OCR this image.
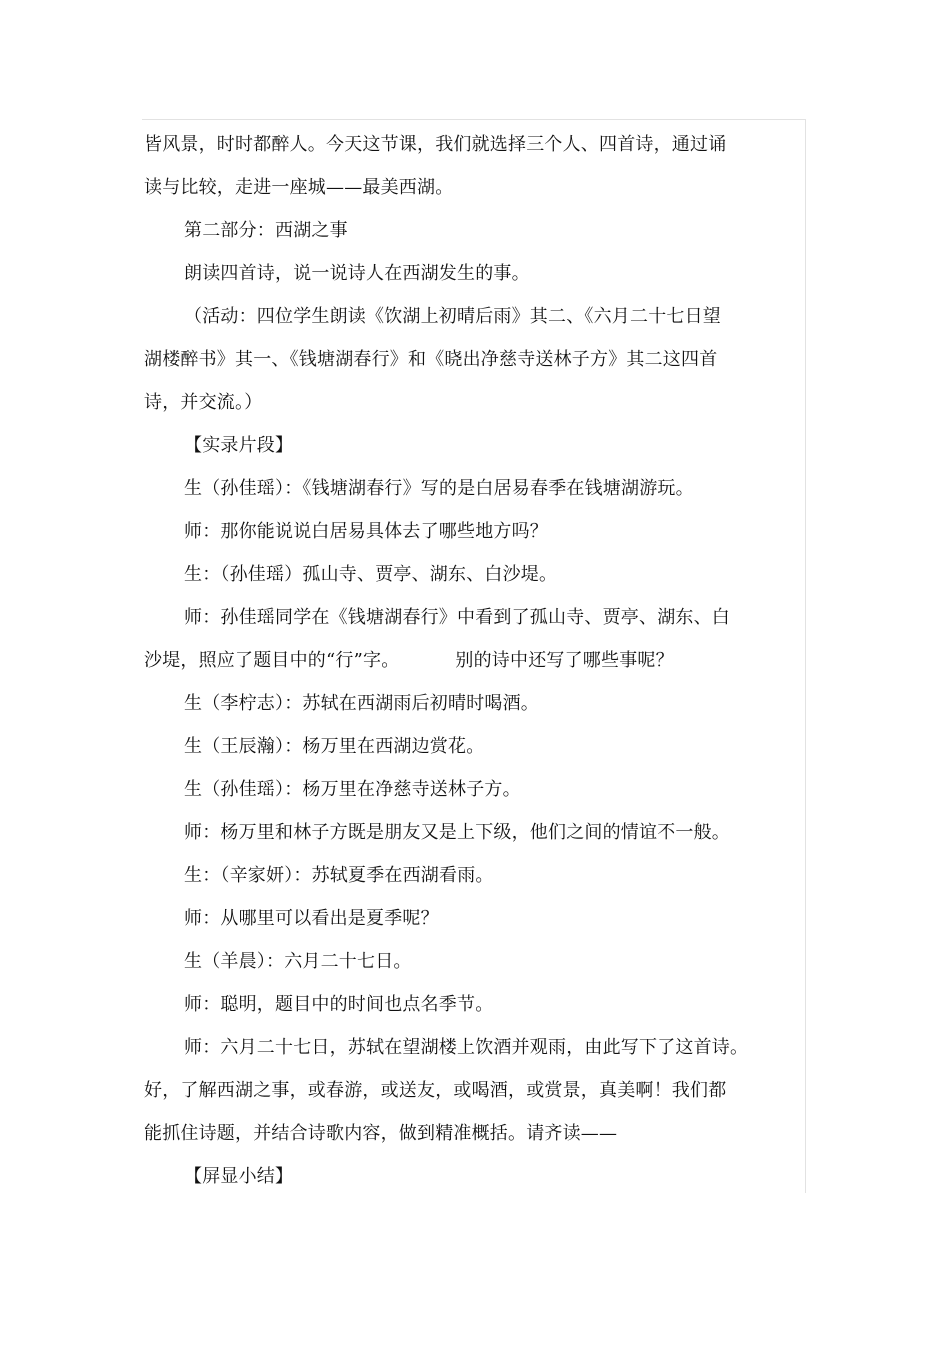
皆风景，时时都醉人。今天这节课，我们就选择三个人、四首诗，通过诵
读与比较，走进一座城——最美西湖。
第二部分：西湖之事
朗读四首诗，说一说诗人在西湖发生的事。
（活动：四位学生朗读《饮湖上初晴后雨》其二、《六月二十七日望
湖楼醉书》其一、《钱塘湖春行》和《晓出净慈寺送林子方》其二这四首
诗，并交流。）
【实录片段】
生（孙佳瑶）：《钱塘湖春行》写的是白居易春季在钱塘湖游玩。
师：那你能说说白居易具体去了哪些地方吗？
生：（孙佳瑶）孤山寺、贾亭、湖东、白沙堤。
师：孙佳瑶同学在《钱塘湖春行》中看到了孤山寺、贾亭、湖东、白
沙堤，照应了题目中的“行”字。	别的诗中还写了哪些事呢？
生（李柠志）：苏轼在西湖雨后初晴时喝酒。
生（王辰瀚）：杨万里在西湖边赏花。
生（孙佳瑶）：杨万里在净慈寺送林子方。
师：杨万里和林子方既是朋友又是上下级，他们之间的情谊不一般。
生：（辛家妍）：苏轼夏季在西湖看雨。
师：从哪里可以看出是夏季呢？
生（羊晨）：六月二十七日。
师：聪明，题目中的时间也点名季节。
师：六月二十七日，苏轼在望湖楼上饮酒并观雨，由此写下了这首诗。
好，了解西湖之事，或春游，或送友，或喝酒，或赏景，真美啊！我们都
能抓住诗题，并结合诗歌内容，做到精准概括。请齐读——
【屏显小结】
